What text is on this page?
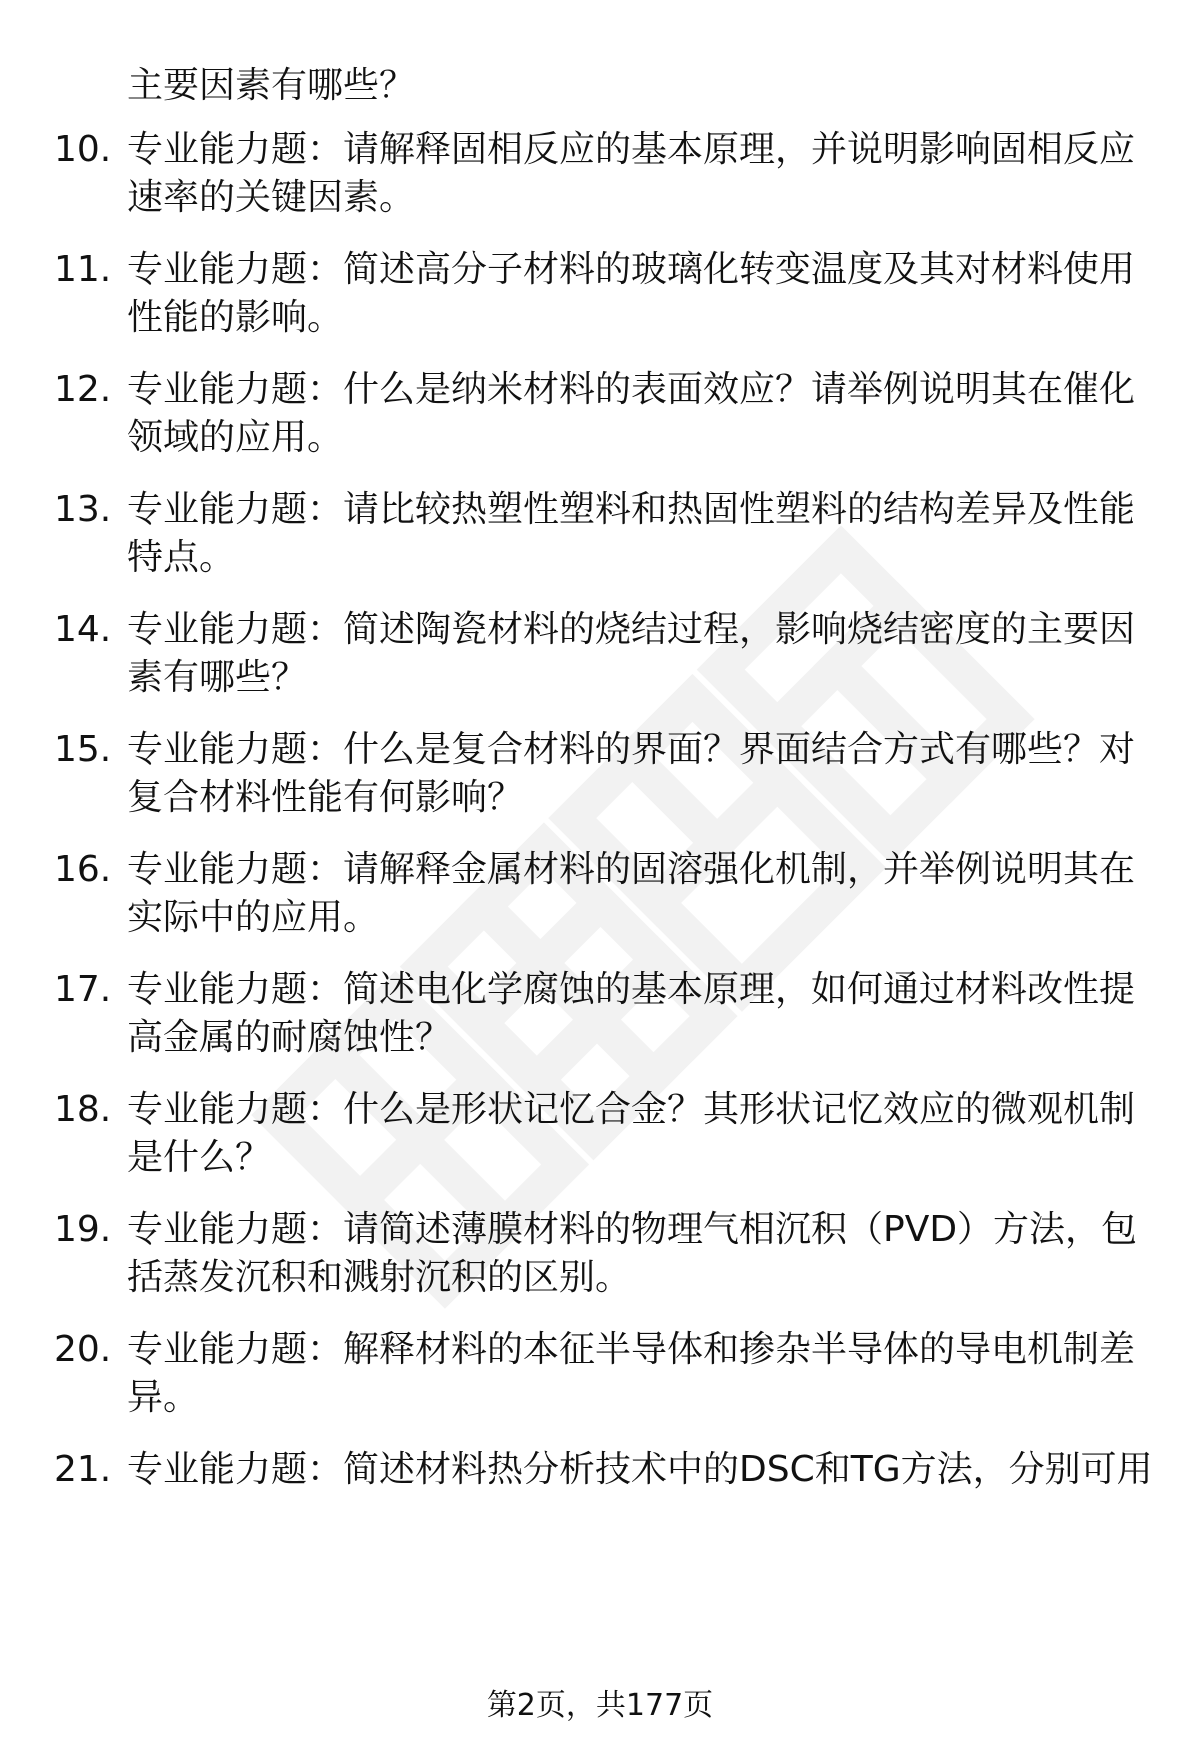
主要因素有哪些？
10. 专业能力题：请解释固相反应的基本原理，并说明影响固相反应
速率的关键因素。
11. 专业能力题：简述高分子材料的玻璃化转变温度及其对材料使用
性能的影响。
12. 专业能力题：什么是纳米材料的表面效应？请举例说明其在催化
领域的应用。
13. 专业能力题：请比较热塑性塑料和热固性塑料的结构差异及性能
特点。
14. 专业能力题：简述陶瓷材料的烧结过程，影响烧结密度的主要因
素有哪些？
15. 专业能力题：什么是复合材料的界面？界面结合方式有哪些？对
复合材料性能有何影响？
16. 专业能力题：请解释金属材料的固溶强化机制，并举例说明其在
实际中的应用。
17. 专业能力题：简述电化学腐蚀的基本原理，如何通过材料改性提
高金属的耐腐蚀性？
18. 专业能力题：什么是形状记忆合金？其形状记忆效应的微观机制
是什么？
19. 专业能力题：请简述薄膜材料的物理气相沉积（PVD）方法，包
括蒸发沉积和溅射沉积的区别。
20. 专业能力题：解释材料的本征半导体和掺杂半导体的导电机制差
异。
21. 专业能力题：简述材料热分析技术中的DSC和TG方法，分别可用
第2页，共177页
